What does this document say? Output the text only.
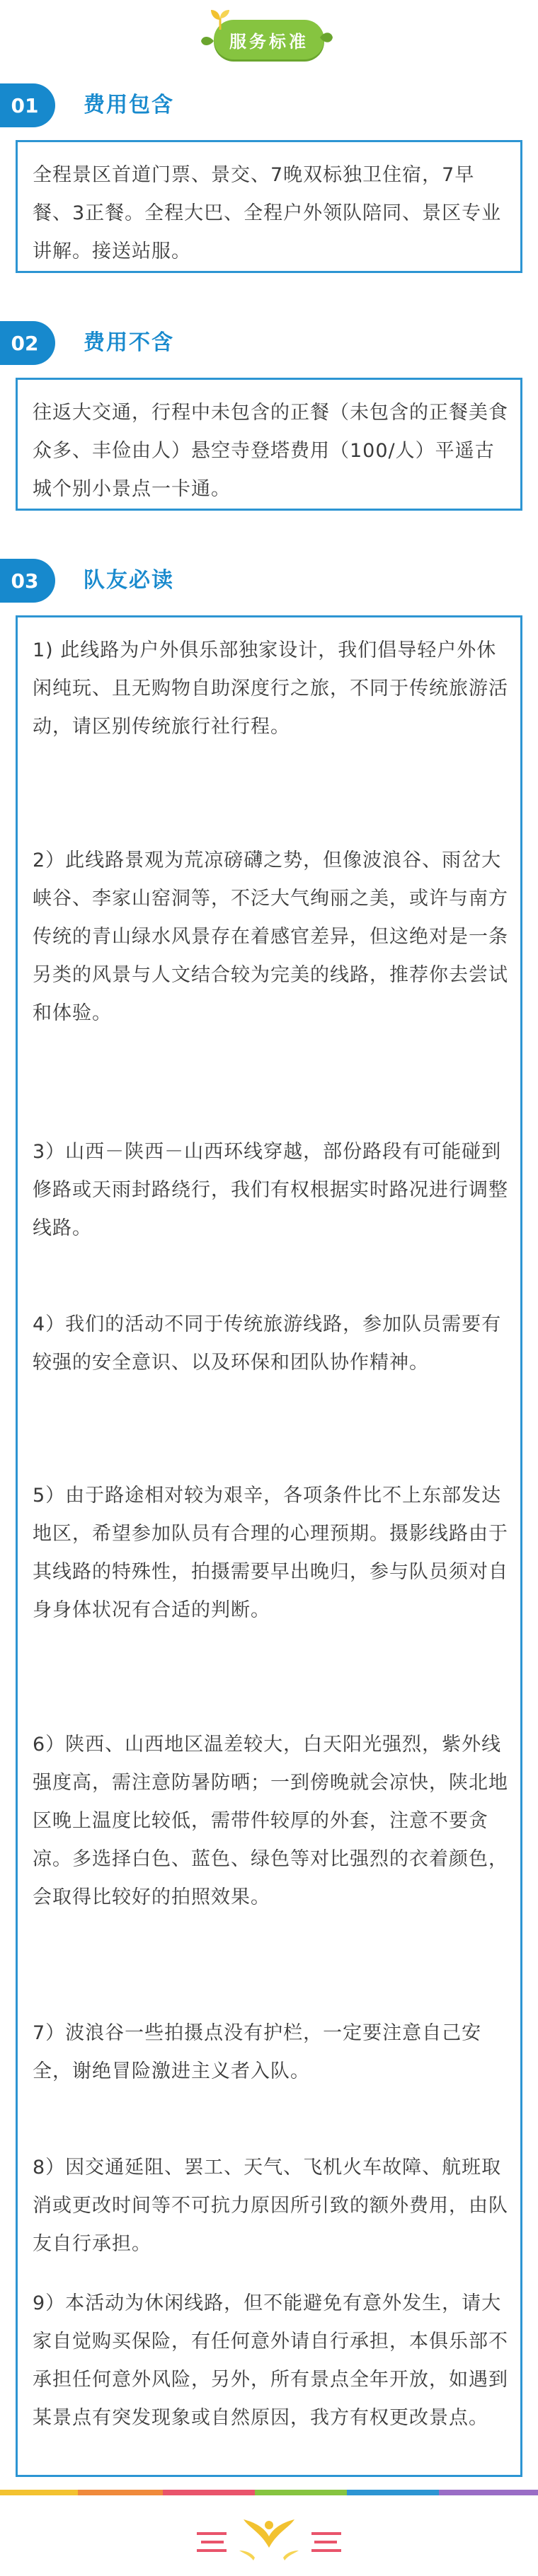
服务标准
01	费用包含

全程景区首道门票、景交、7晚双标独卫住宿，7早餐、3正餐。全程大巴、全程户外领队陪同、景区专业讲解。接送站服。

02	费用不含

往返大交通，行程中未包含的正餐（未包含的正餐美食众多、丰俭由人）悬空寺登塔费用（100/人）平遥古城个别小景点一卡通。

03	队友必读

1) 此线路为户外俱乐部独家设计，我们倡导轻户外休闲纯玩、且无购物自助深度行之旅，不同于传统旅游活动，请区别传统旅行社行程。

2）此线路景观为荒凉磅礴之势，但像波浪谷、雨岔大峡谷、李家山窑洞等，不泛大气绚丽之美，或许与南方传统的青山绿水风景存在着感官差异，但这绝对是一条另类的风景与人文结合较为完美的线路，推荐你去尝试和体验。

3）山西－陕西－山西环线穿越，部份路段有可能碰到修路或天雨封路绕行，我们有权根据实时路况进行调整线路。

4）我们的活动不同于传统旅游线路，参加队员需要有较强的安全意识、以及环保和团队协作精神。

5）由于路途相对较为艰辛，各项条件比不上东部发达地区，希望参加队员有合理的心理预期。摄影线路由于其线路的特殊性，拍摄需要早出晚归，参与队员须对自身身体状况有合适的判断。

6）陕西、山西地区温差较大，白天阳光强烈，紫外线强度高，需注意防暑防晒；一到傍晚就会凉快，陕北地区晚上温度比较低，需带件较厚的外套，注意不要贪凉。多选择白色、蓝色、绿色等对比强烈的衣着颜色，会取得比较好的拍照效果。

7）波浪谷一些拍摄点没有护栏，一定要注意自己安全，谢绝冒险激进主义者入队。

8）因交通延阻、罢工、天气、飞机火车故障、航班取消或更改时间等不可抗力原因所引致的额外费用，由队友自行承担。

9）本活动为休闲线路，但不能避免有意外发生，请大家自觉购买保险，有任何意外请自行承担，本俱乐部不承担任何意外风险，另外，所有景点全年开放，如遇到某景点有突发现象或自然原因，我方有权更改景点。
